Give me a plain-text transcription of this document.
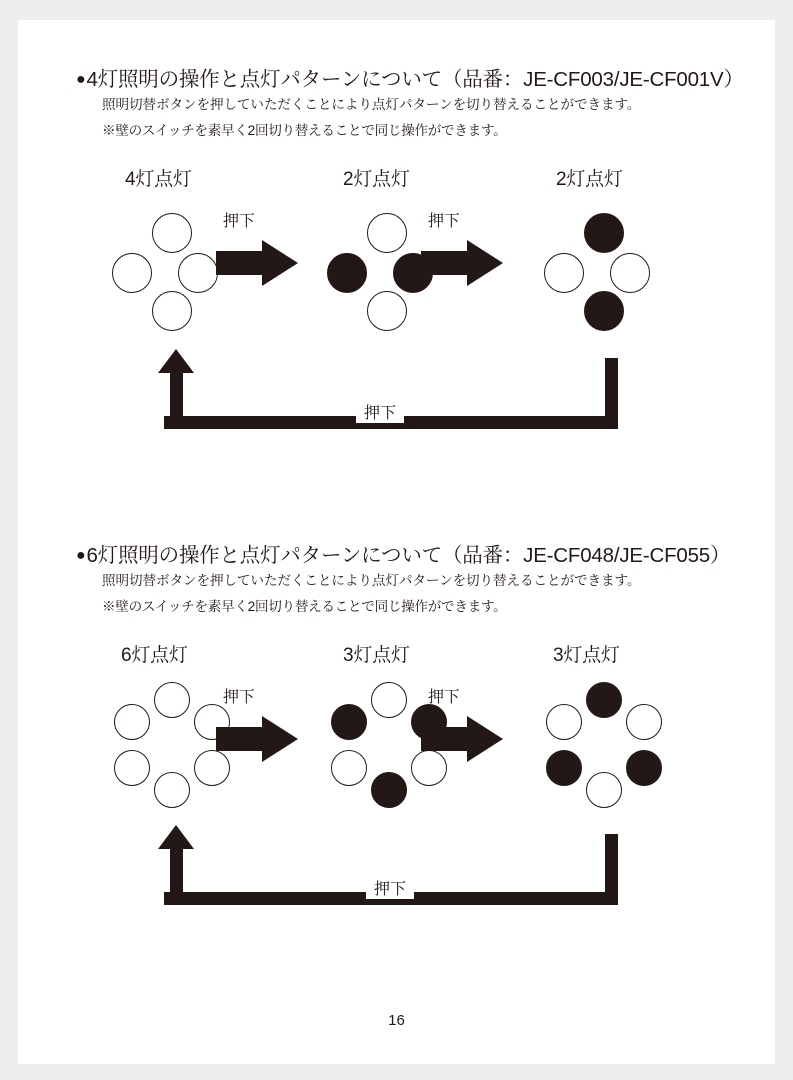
● 4灯照明の操作と点灯パターンについて（品番：JE-CF003/JE-CF001V）
照明切替ボタンを押していただくことにより点灯パターンを切り替えることができます。
※壁のスイッチを素早く2回切り替えることで同じ操作ができます。
4灯点灯	2灯点灯	2灯点灯
押下	押下
押下
● 6灯照明の操作と点灯パターンについて（品番：JE-CF048/JE-CF055）
照明切替ボタンを押していただくことにより点灯パターンを切り替えることができます。
※壁のスイッチを素早く2回切り替えることで同じ操作ができます。
6灯点灯	3灯点灯	3灯点灯
押下	押下
押下
16
